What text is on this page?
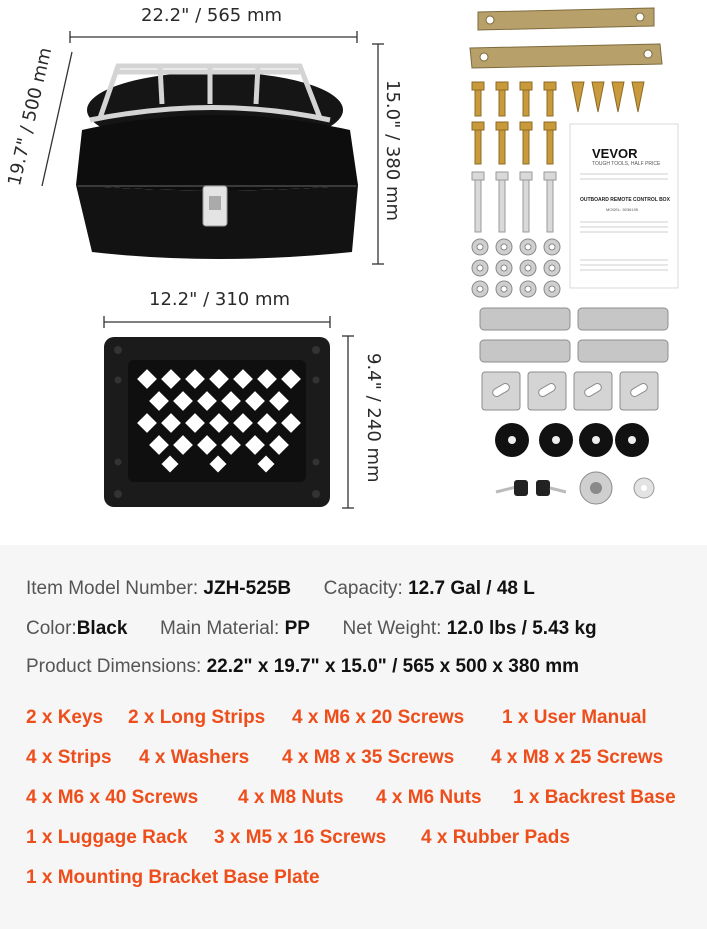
22.2" / 565 mm
15.0" / 380 mm
19.7" / 500 mm
12.2" / 310 mm
9.4" / 240 mm
VEVOR
TOUGH TOOLS, HALF PRICE
OUTBOARD REMOTE CONTROL BOX
MODEL: 5036195
Item Model Number: JZH-525B Capacity: 12.7 Gal / 48 L
Color:Black Main Material: PP Net Weight: 12.0 lbs / 5.43 kg
Product Dimensions: 22.2" x 19.7" x 15.0" / 565 x 500 x 380 mm
2 x Keys 2 x Long Strips 4 x M6 x 20 Screws 1 x User Manual
4 x Strips 4 x Washers 4 x M8 x 35 Screws 4 x M8 x 25 Screws
4 x M6 x 40 Screws 4 x M8 Nuts 4 x M6 Nuts 1 x Backrest Base
1 x Luggage Rack 3 x M5 x 16 Screws 4 x Rubber Pads
1 x Mounting Bracket Base Plate
